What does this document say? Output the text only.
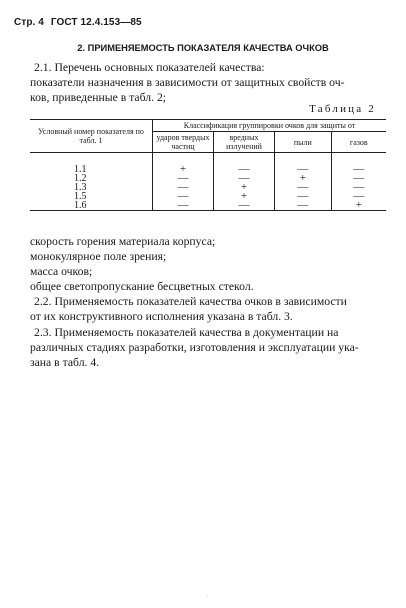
Стр. 4 ГОСТ 12.4.153—85
2. ПРИМЕНЯЕМОСТЬ ПОКАЗАТЕЛЯ КАЧЕСТВА ОЧКОВ
2.1. Перечень основных показателей качества:
показатели назначения в зависимости от защитных свойств оч-
ков, приведенные в табл. 2;
Таблица 2
Условный номер показателя по табл. 1	Классификация группировки очков для защиты от			
	ударов твердых частиц	вредных излучений	пыли	газов

1.1	+	—	—	—
1.2	—	—	+	—
1.3	—	+	—	—
1.5	—	+	—	—
1.6	—	—	—	+
скорость горения материала корпуса;
монокулярное поле зрения;
масса очков;
общее светопропускание бесцветных стекол.
2.2. Применяемость показателей качества очков в зависимости
от их конструктивного исполнения указана в табл. 3.
2.3. Применяемость показателей качества в документации на
различных стадиях разработки, изготовления и эксплуатации ука-
зана в табл. 4.
·
